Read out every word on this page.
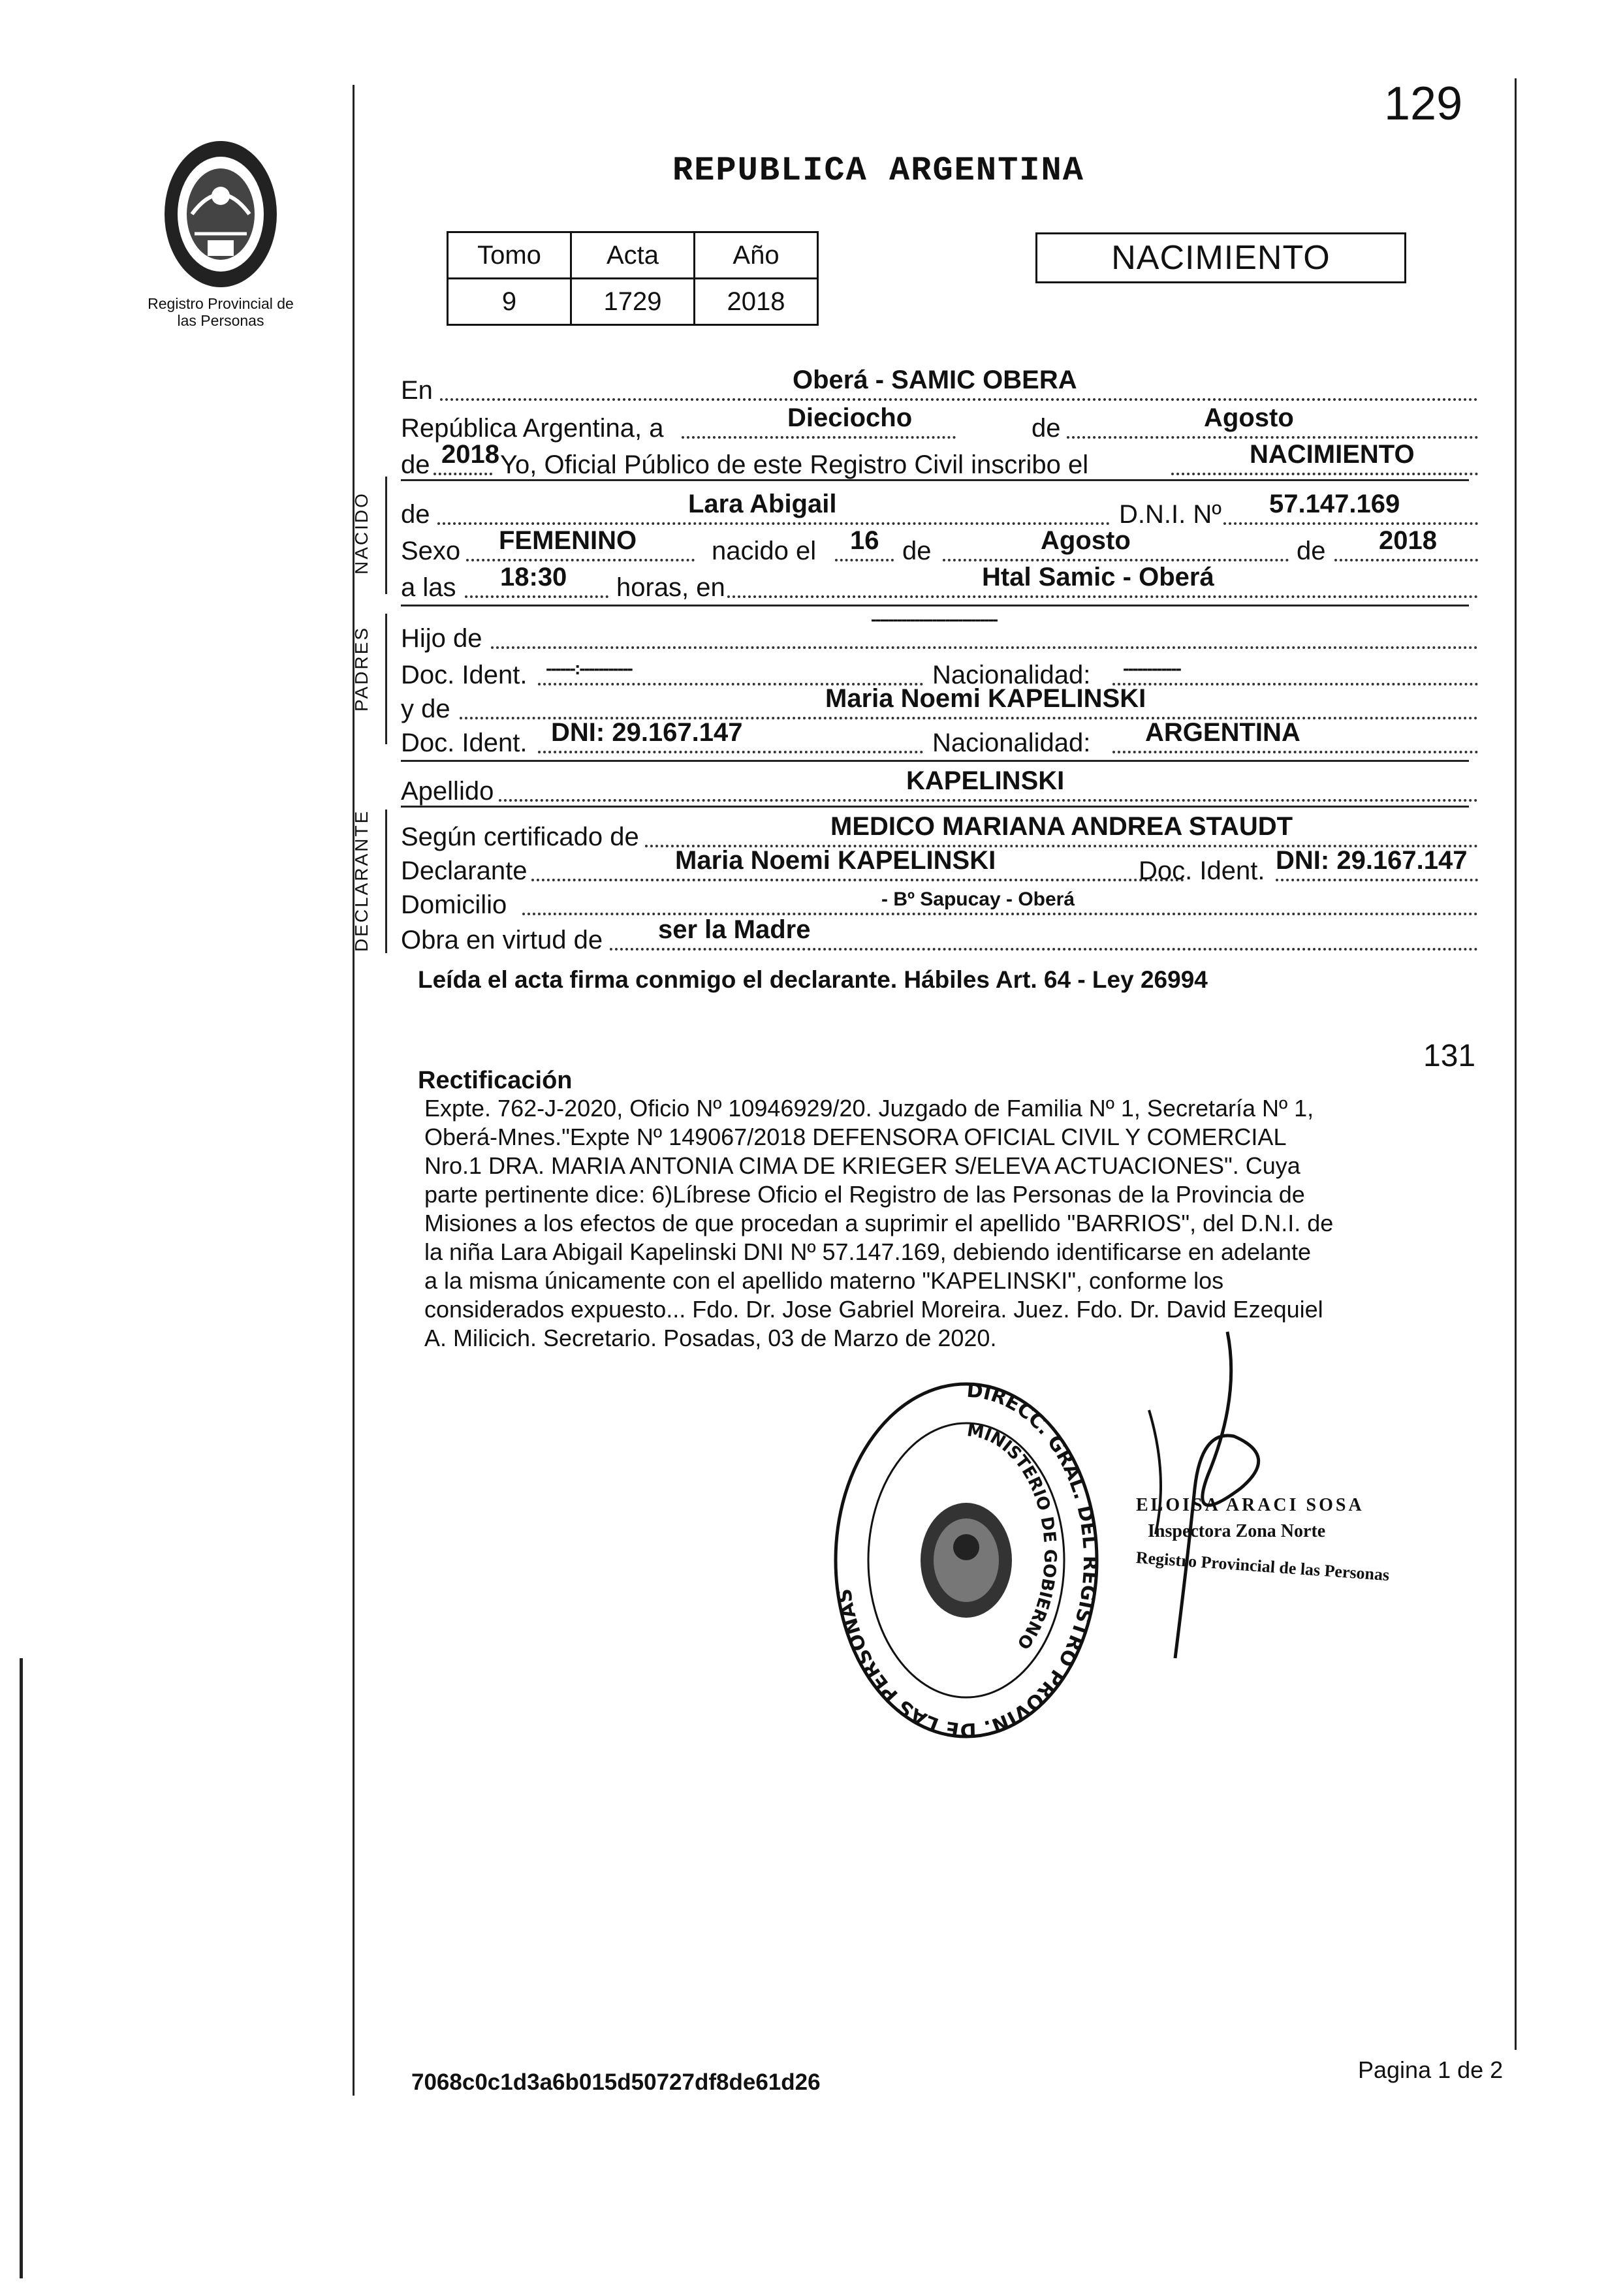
Registro Provincial de las Personas
129
REPUBLICA ARGENTINA
Tomo	Acta	Año
9	1729	2018
NACIMIENTO
NACIDO
PADRES
DECLARANTE
En	Oberá - SAMIC OBERA
República Argentina, a	Dieciocho	de	Agosto
de 2018 Yo, Oficial Público de este Registro Civil inscribo el	NACIMIENTO
de	Lara Abigail	D.N.I. Nº 57.147.169
Sexo FEMENINO	nacido el 16 de	Agosto	de 2018
a las 18:30 horas, en	Htal Samic - Oberá
Hijo de
-----------------------------
Doc. Ident. ------:-----------	Nacionalidad: ------------
y de	Maria Noemi KAPELINSKI
Doc. Ident. DNI: 29.167.147	Nacionalidad: ARGENTINA
Apellido	KAPELINSKI
Según certificado de	MEDICO MARIANA ANDREA STAUDT
Declarante	Maria Noemi KAPELINSKI	Doc. Ident. DNI: 29.167.147
Domicilio	- Bº Sapucay - Oberá
Obra en virtud de ser la Madre
Leída el acta firma conmigo el declarante. Hábiles Art. 64 - Ley 26994
131
Rectificación

Expte. 762-J-2020, Oficio Nº 10946929/20. Juzgado de Familia Nº 1, Secretaría Nº 1,

Oberá-Mnes."Expte Nº 149067/2018 DEFENSORA OFICIAL CIVIL Y COMERCIAL

Nro.1 DRA. MARIA ANTONIA CIMA DE KRIEGER S/ELEVA ACTUACIONES". Cuya

parte pertinente dice: 6)Líbrese Oficio el Registro de las Personas de la Provincia de

Misiones a los efectos de que procedan a suprimir el apellido "BARRIOS", del D.N.I. de

la niña Lara Abigail Kapelinski DNI Nº 57.147.169, debiendo identificarse en adelante

a la misma únicamente con el apellido materno "KAPELINSKI", conforme los

considerados expuesto... Fdo. Dr. Jose Gabriel Moreira. Juez. Fdo. Dr. David Ezequiel

A. Milicich. Secretario. Posadas, 03 de Marzo de 2020.

DIRECC. GRAL. DEL REGISTRO PROVIN. DE LAS PERSONAS
MINISTERIO DE GOBIERNO
ELOISA ARACI SOSA
Inspectora Zona Norte
Registro Provincial de las Personas
7068c0c1d3a6b015d50727df8de61d26	Pagina 1 de 2
